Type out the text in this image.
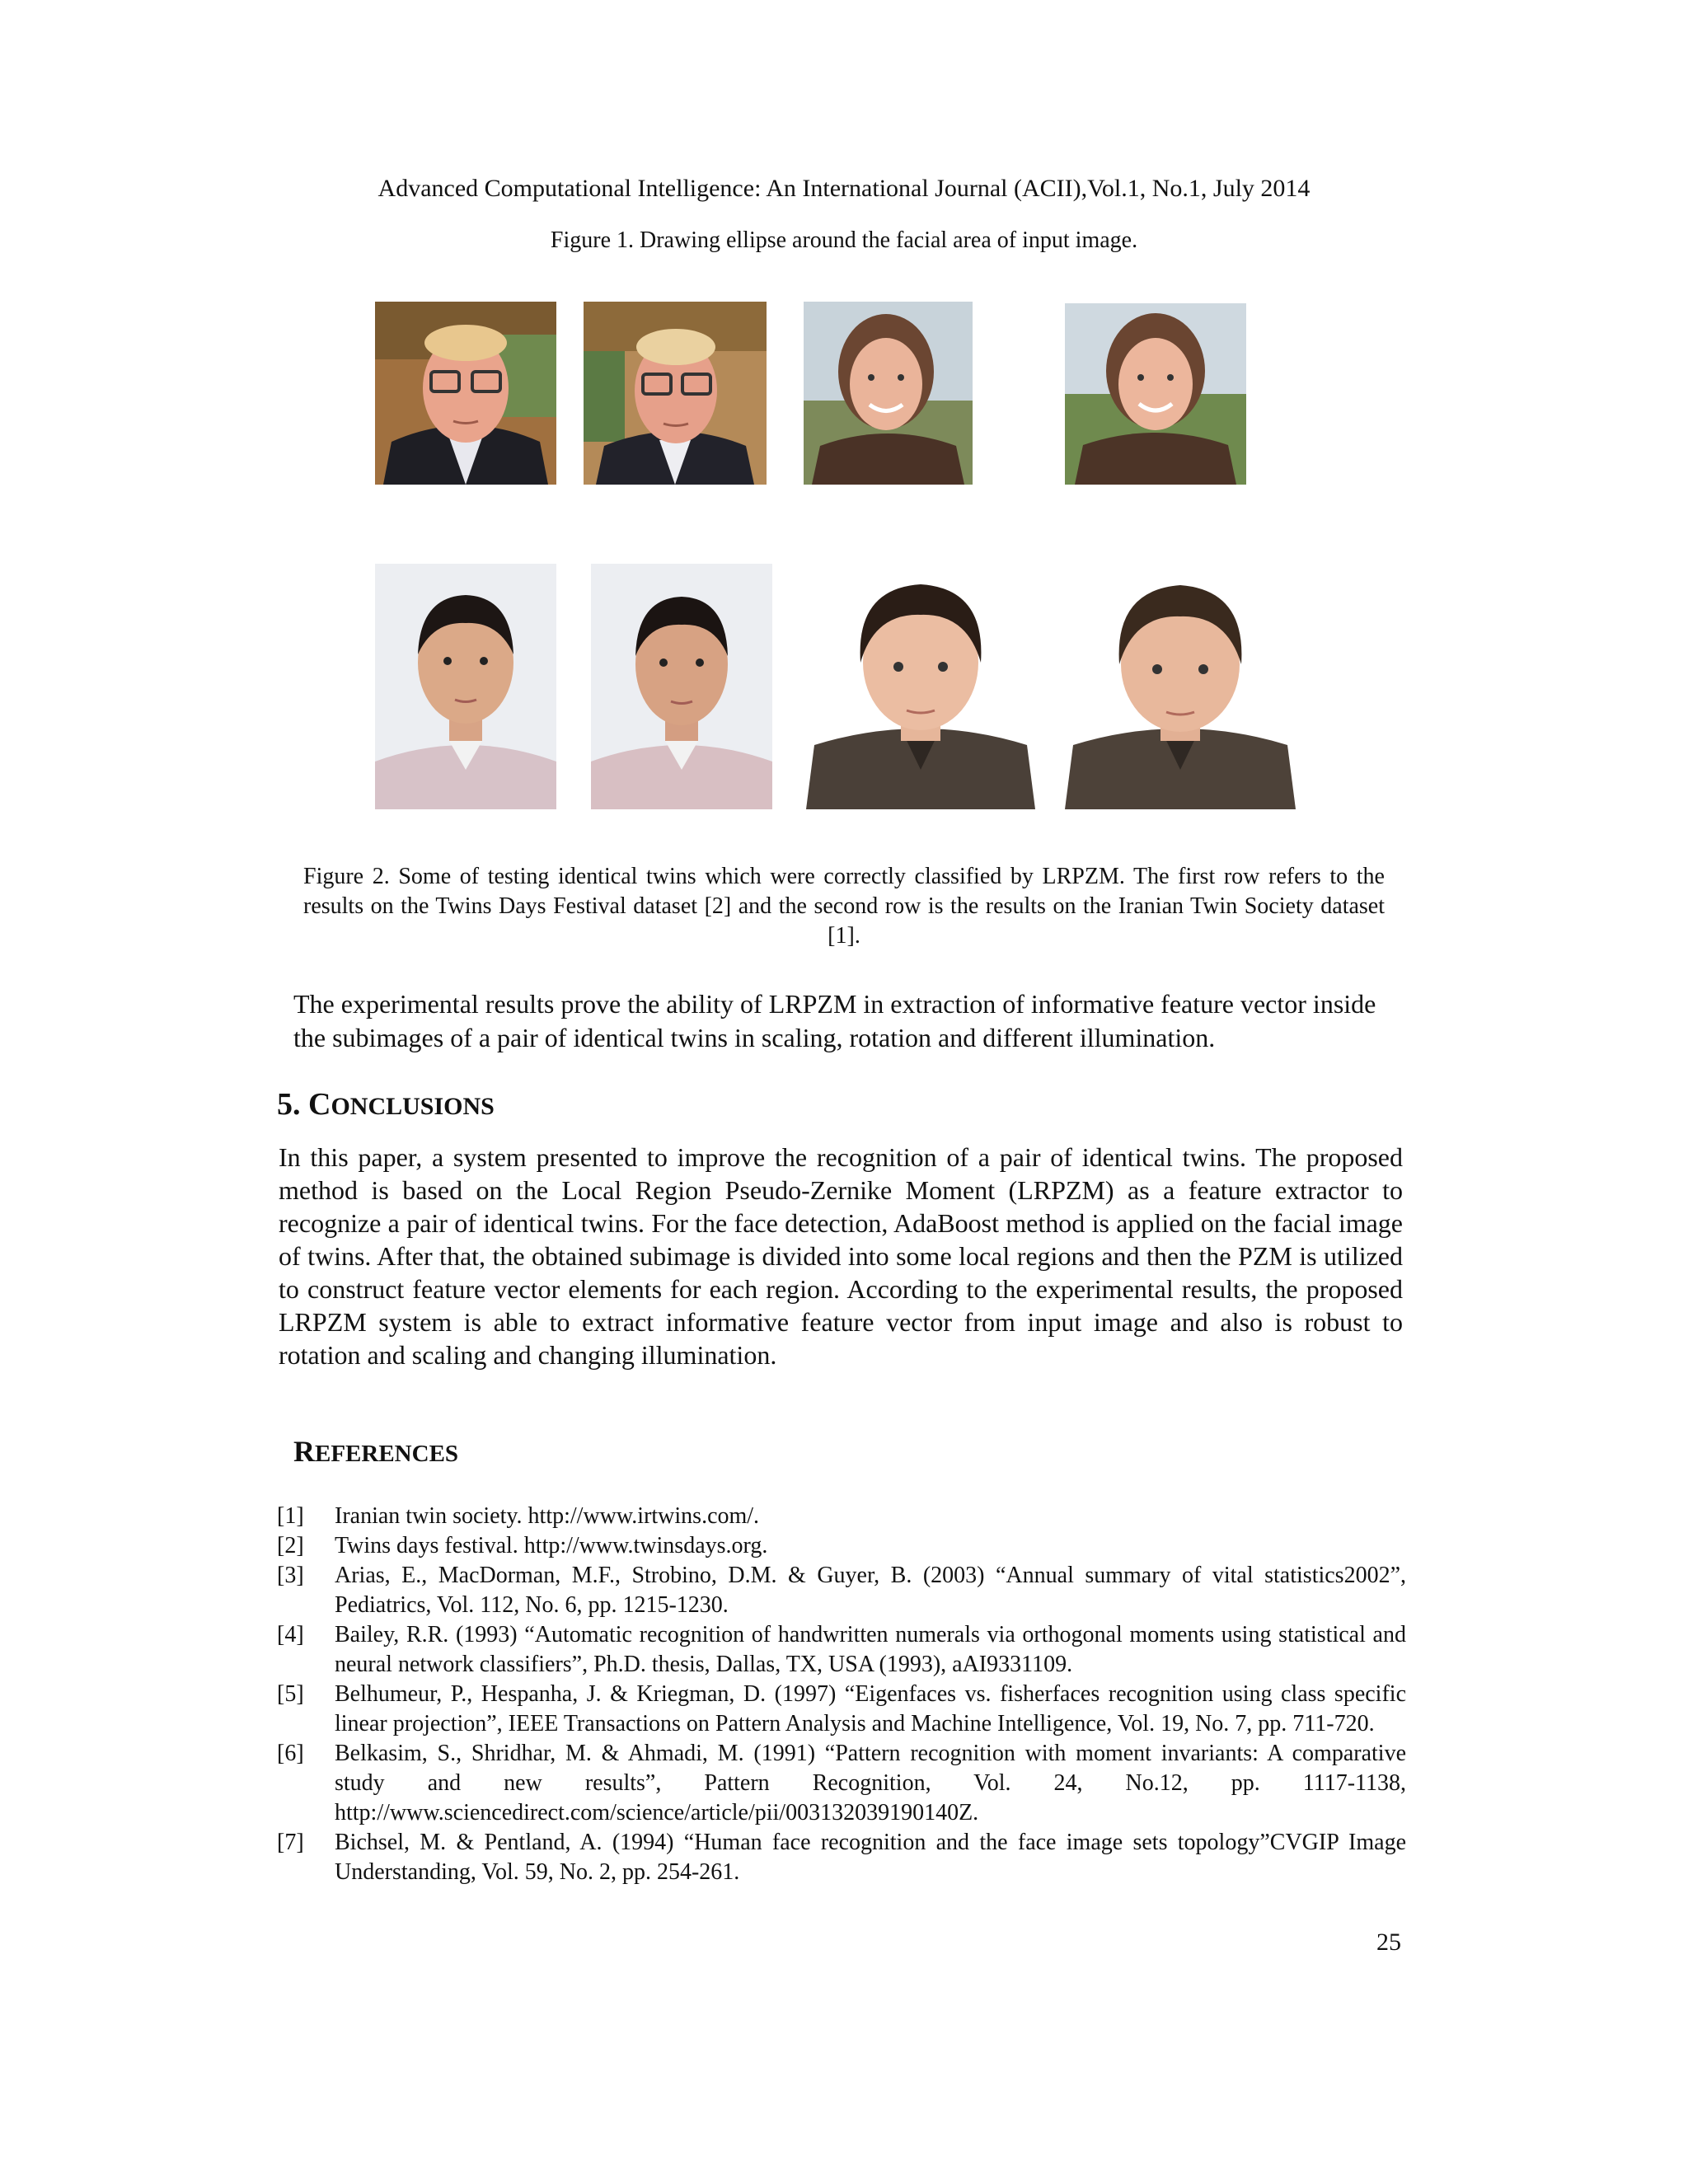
Advanced Computational Intelligence: An International Journal (ACII),Vol.1, No.1, July 2014
Figure 1. Drawing ellipse around the facial area of input image.
Figure 2. Some of testing identical twins which were correctly classified by LRPZM. The first row refers to the results on the Twins Days Festival dataset [2] and the second row is the results on the Iranian Twin Society dataset [1].
The experimental results prove the ability of LRPZM in extraction of informative feature vector inside the subimages of a pair of identical twins in scaling, rotation and different illumination.
5. CONCLUSIONS
In this paper, a system presented to improve the recognition of a pair of identical twins. The proposed method is based on the Local Region Pseudo-Zernike Moment (LRPZM) as a feature extractor to recognize a pair of identical twins. For the face detection, AdaBoost method is applied on the facial image of twins. After that, the obtained subimage is divided into some local regions and then the PZM is utilized to construct feature vector elements for each region. According to the experimental results, the proposed LRPZM system is able to extract informative feature vector from input image and also is robust to rotation and scaling and changing illumination.
REFERENCES
[1]	Iranian twin society. http://www.irtwins.com/.
[2]	Twins days festival. http://www.twinsdays.org.
[3]	Arias, E., MacDorman, M.F., Strobino, D.M. & Guyer, B. (2003) “Annual summary of vital statistics2002”, Pediatrics, Vol. 112, No. 6, pp. 1215-1230.
[4]	Bailey, R.R. (1993) “Automatic recognition of handwritten numerals via orthogonal moments using statistical and neural network classifiers”, Ph.D. thesis, Dallas, TX, USA (1993), aAI9331109.
[5]	Belhumeur, P., Hespanha, J. & Kriegman, D. (1997) “Eigenfaces vs. fisherfaces recognition using class specific linear projection”, IEEE Transactions on Pattern Analysis and Machine Intelligence, Vol. 19, No. 7, pp. 711-720.
[6]	Belkasim, S., Shridhar, M. & Ahmadi, M. (1991) “Pattern recognition with moment invariants: A comparative study and new results”, Pattern Recognition, Vol. 24, No.12, pp. 1117-1138, http://www.sciencedirect.com/science/article/pii/003132039190140Z.
[7]	Bichsel, M. & Pentland, A. (1994) “Human face recognition and the face image sets topology”CVGIP Image Understanding, Vol. 59, No. 2, pp. 254-261.
25
